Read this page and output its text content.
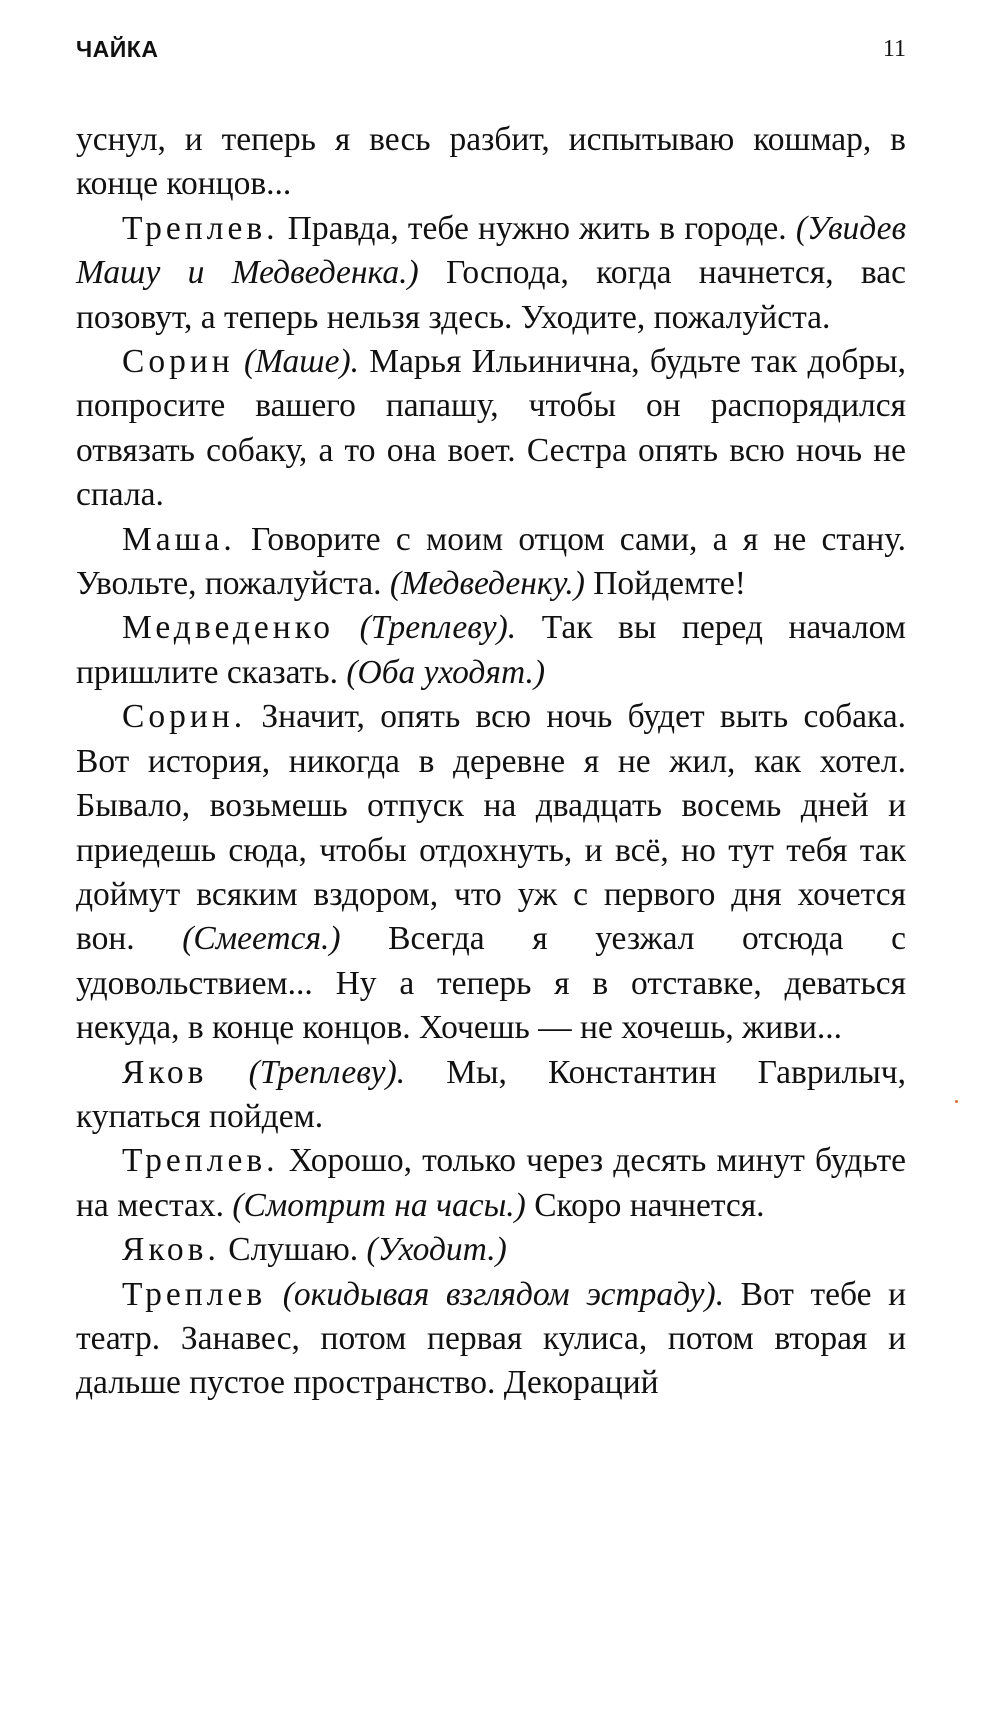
ЧАЙКА	11

уснул, и теперь я весь разбит, испытываю кошмар, в конце концов...

Треплев. Правда, тебе нужно жить в городе. (Увидев Машу и Медведенка.) Господа, когда начнется, вас позовут, а теперь нельзя здесь. Уходите, пожалуйста.

Сорин (Маше). Марья Ильинична, будьте так добры, попросите вашего папашу, чтобы он распорядился отвязать собаку, а то она воет. Сестра опять всю ночь не спала.

Маша. Говорите с моим отцом сами, а я не стану. Увольте, пожалуйста. (Медведенку.) Пойдемте!

Медведенко (Треплеву). Так вы перед началом пришлите сказать. (Оба уходят.)

Сорин. Значит, опять всю ночь будет выть собака. Вот история, никогда в деревне я не жил, как хотел. Бывало, возьмешь отпуск на двадцать восемь дней и приедешь сюда, чтобы отдохнуть, и всё, но тут тебя так доймут всяким вздором, что уж с первого дня хочется вон. (Смеется.) Всегда я уезжал отсюда с удовольствием... Ну а теперь я в отставке, деваться некуда, в конце концов. Хочешь — не хочешь, живи...

Яков (Треплеву). Мы, Константин Гаврилыч, купаться пойдем.

Треплев. Хорошо, только через десять минут будьте на местах. (Смотрит на часы.) Скоро начнется.

Яков. Слушаю. (Уходит.)

Треплев (окидывая взглядом эстраду). Вот тебе и театр. Занавес, потом первая кулиса, потом вторая и дальше пустое пространство. Декораций
